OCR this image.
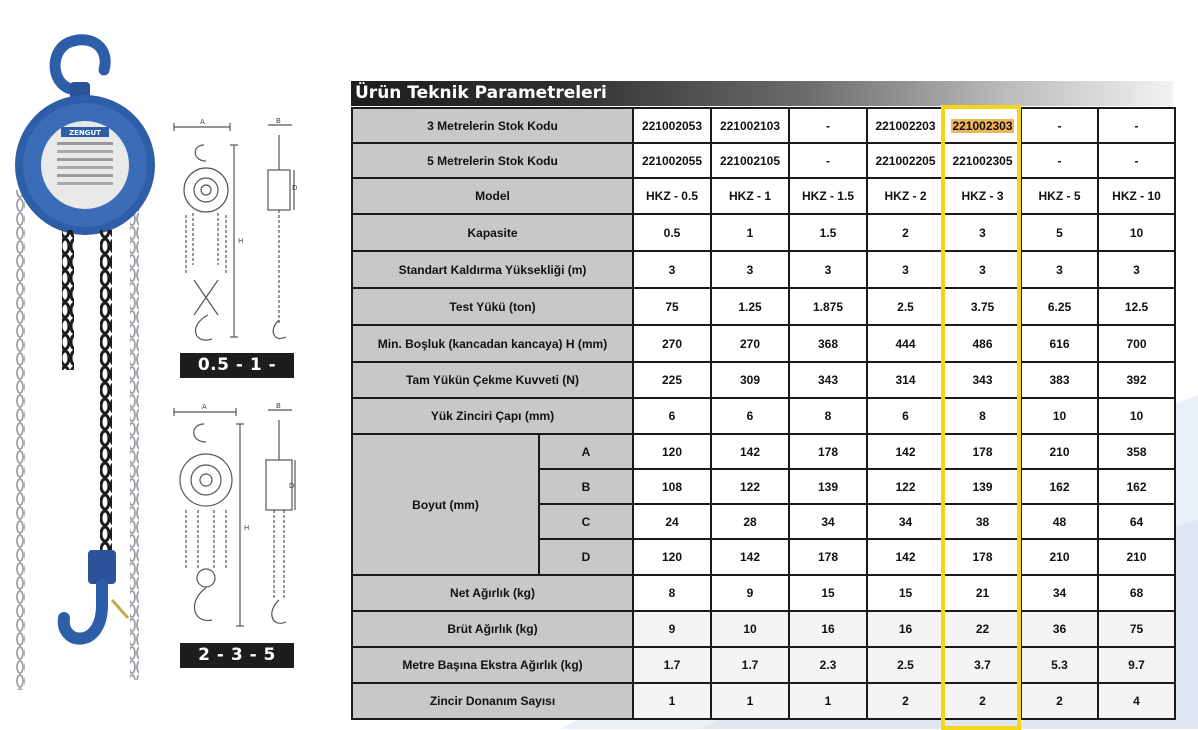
ZENGUT
A	B
H
D
0.5 - 1 - 1.5
A	B
H
D
2 - 3 - 5 ton
Ürün Teknik Parametreleri
3 Metrelerin Stok Kodu		221002053	221002103	-	221002203	221002303	-	-
5 Metrelerin Stok Kodu		221002055	221002105	-	221002205	221002305	-	-
Model		HKZ - 0.5	HKZ - 1	HKZ - 1.5	HKZ - 2	HKZ - 3	HKZ - 5	HKZ - 10
Kapasite		0.5	1	1.5	2	3	5	10
Standart Kaldırma Yüksekliği (m)		3	3	3	3	3	3	3
Test Yükü (ton)		75	1.25	1.875	2.5	3.75	6.25	12.5
Min. Boşluk (kancadan kancaya) H (mm)		270	270	368	444	486	616	700
Tam Yükün Çekme Kuvveti (N)		225	309	343	314	343	383	392
Yük Zinciri Çapı (mm)		6	6	8	6	8	10	10
Boyut (mm)	A	120	142	178	142	178	210	358
	B	108	122	139	122	139	162	162
	C	24	28	34	34	38	48	64
	D	120	142	178	142	178	210	210
Net Ağırlık (kg)		8	9	15	15	21	34	68
Brüt Ağırlık (kg)		9	10	16	16	22	36	75
Metre Başına Ekstra Ağırlık (kg)		1.7	1.7	2.3	2.5	3.7	5.3	9.7
Zincir Donanım Sayısı		1	1	1	2	2	2	4
